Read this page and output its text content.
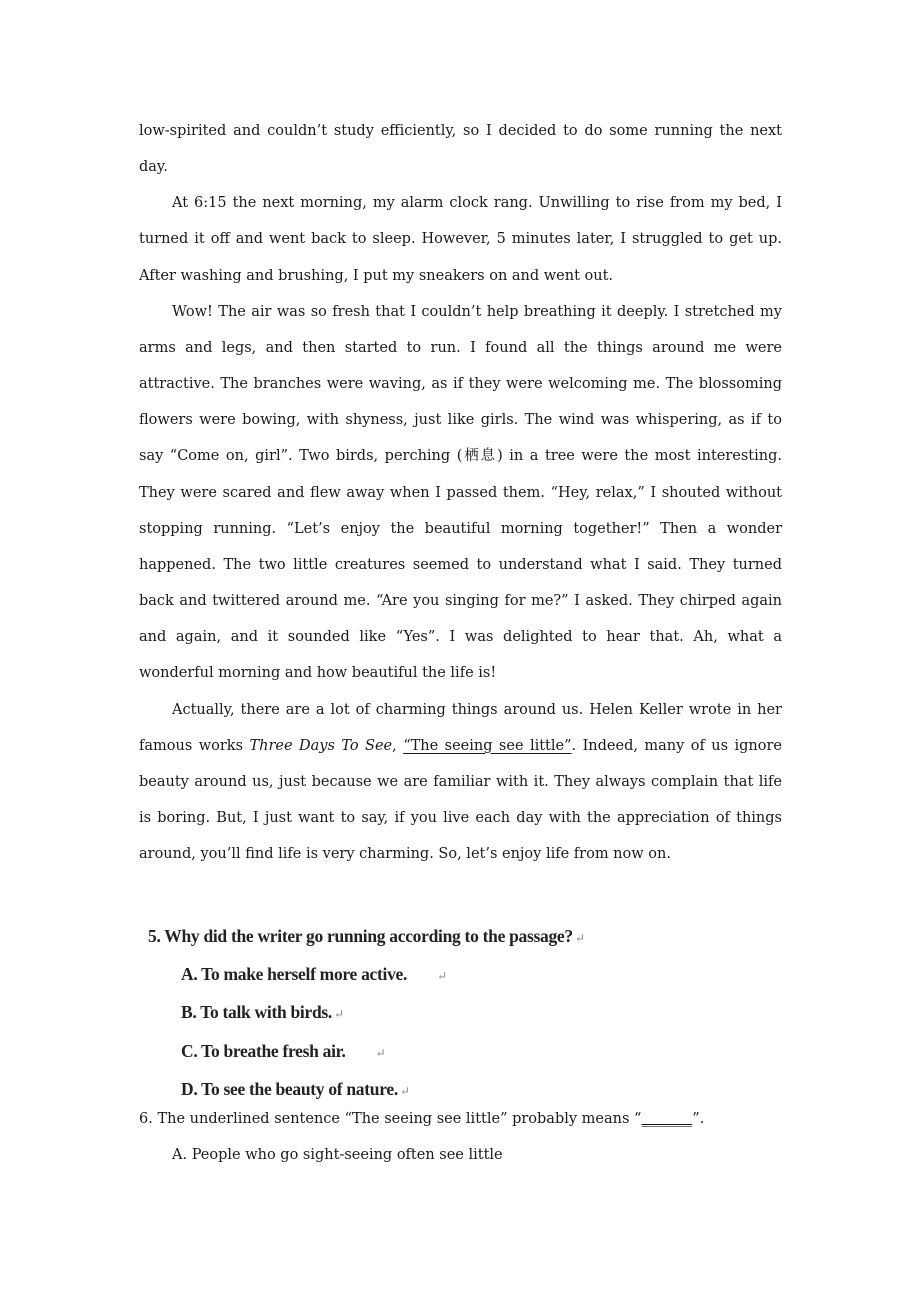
low-spirited and couldn’t study efficiently, so I decided to do some running the next day.

At 6:15 the next morning, my alarm clock rang. Unwilling to rise from my bed, I turned it off and went back to sleep. However, 5 minutes later, I struggled to get up. After washing and brushing, I put my sneakers on and went out.

Wow! The air was so fresh that I couldn’t help breathing it deeply. I stretched my arms and legs, and then started to run. I found all the things around me were attractive. The branches were waving, as if they were welcoming me. The blossoming flowers were bowing, with shyness, just like girls. The wind was whispering, as if to say “Come on, girl”. Two birds, perching (栖息) in a tree were the most interesting. They were scared and flew away when I passed them. “Hey, relax,” I shouted without stopping running. “Let’s enjoy the beautiful morning together!” Then a wonder happened. The two little creatures seemed to understand what I said. They turned back and twittered around me. “Are you singing for me?” I asked. They chirped again and again, and it sounded like “Yes”. I was delighted to hear that. Ah, what a wonderful morning and how beautiful the life is!

Actually, there are a lot of charming things around us. Helen Keller wrote in her famous works Three Days To See, “The seeing see little”. Indeed, many of us ignore beauty around us, just because we are familiar with it. They always complain that life is boring. But, I just want to say, if you live each day with the appreciation of things around, you’ll find life is very charming. So, let’s enjoy life from now on.

5. Why did the writer go running according to the passage? ↵
A. To make herself more active.	↵
B. To talk with birds. ↵
C. To breathe fresh air.	↵
D. To see the beauty of nature. ↵
6. The underlined sentence “The seeing see little” probably means “_______”.
A. People who go sight-seeing often see little
